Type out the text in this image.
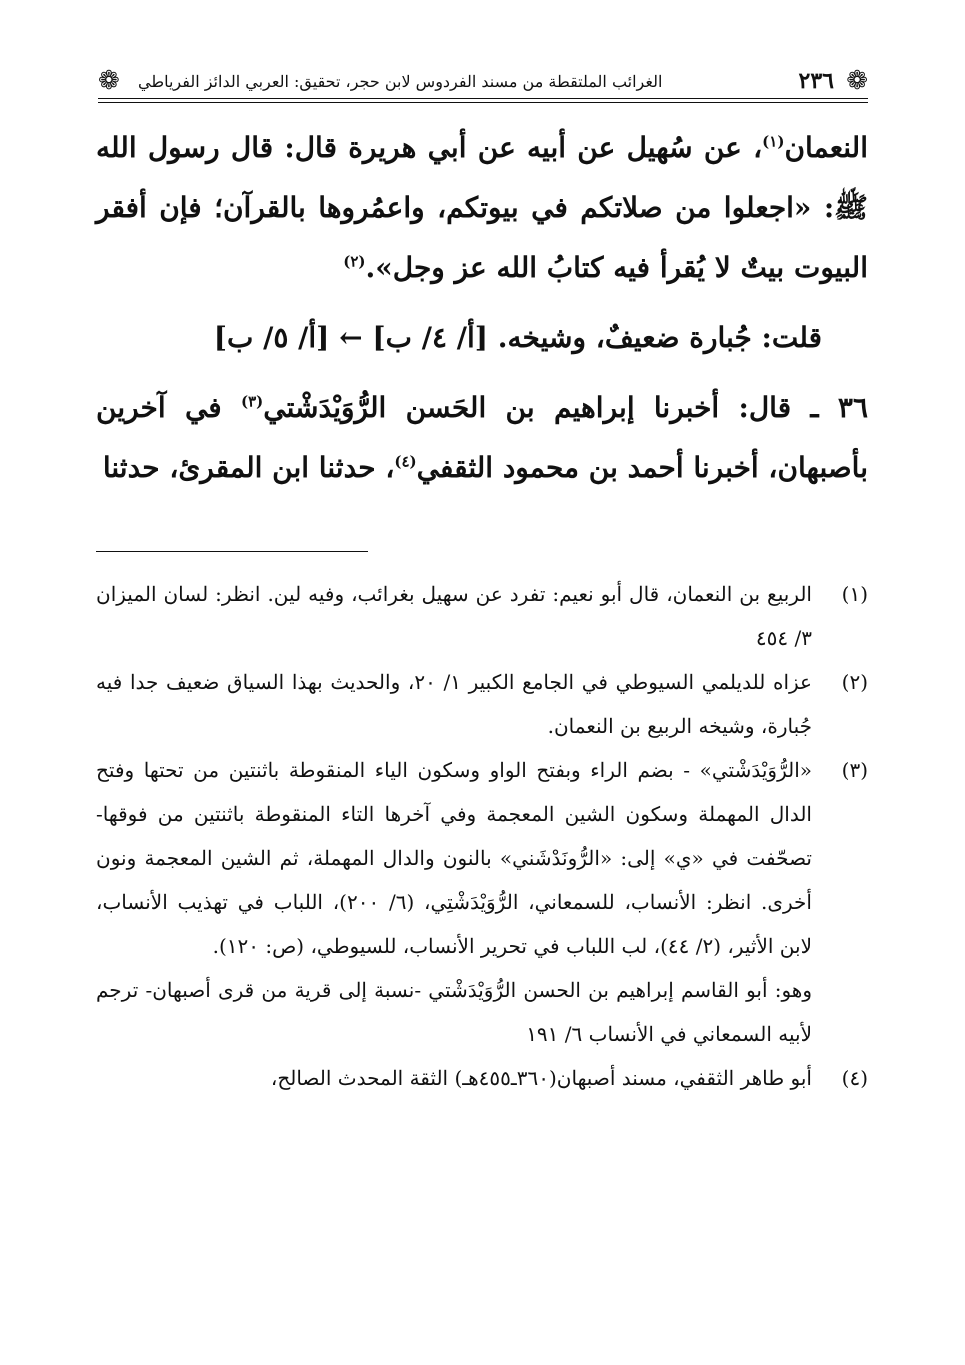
❁
٢٣٦
الغرائب الملتقطة من مسند الفردوس لابن حجر، تحقيق: العربي الدائز الفرياطي
❁

النعمان$^{(١)}$، عن سُهيل عن أبيه عن أبي هريرة قال: قال رسول الله ﷺ: «اجعلوا من صلاتكم في بيوتكم، واعمُروها بالقرآن؛ فإن أفقر البيوت بيتٌ لا يُقرأ فيه كتابُ الله عز وجل».$^{(٢)}$

قلت: جُبارة ضعيفٌ، وشيخه. [أ/ ٤/ ب] ← [أ/ ٥/ ب]

٣٦ ـ قال: أخبرنا إبراهيم بن الحَسن الرُّوَيْدَشْتي$^{(٣)}$ في آخرين بأصبهان، أخبرنا أحمد بن محمود الثقفي$^{(٤)}$، حدثنا ابن المقرئ، حدثنا

(١)

الربيع بن النعمان، قال أبو نعيم: تفرد عن سهيل بغرائب، وفيه لين. انظر: لسان الميزان ٣/ ٤٥٤

(٢)

عزاه للديلمي السيوطي في الجامع الكبير ١/ ٢٠، والحديث بهذا السياق ضعيف جدا فيه جُبارة، وشيخه الربيع بن النعمان.

(٣)

«الرُّوَيْدَشْتي» - بضم الراء وبفتح الواو وسكون الياء المنقوطة باثنتين من تحتها وفتح الدال المهملة وسكون الشين المعجمة وفي آخرها التاء المنقوطة باثنتين من فوقها- تصحّفت في «ي» إلى: «الرُّونَدْشَني» بالنون والدال المهملة، ثم الشين المعجمة ونون أخرى. انظر: الأنساب، للسمعاني، الرُّوَيْدَشْتِي، (٦/ ٢٠٠)، اللباب في تهذيب الأنساب، لابن الأثير، (٢/ ٤٤)، لب اللباب في تحرير الأنساب، للسيوطي، (ص: ١٢٠).

وهو: أبو القاسم إبراهيم بن الحسن الرُّوَيْدَشْتي -نسبة إلى قرية من قرى أصبهان- ترجم لأبيه السمعاني في الأنساب ٦/ ١٩١

(٤)

أبو طاهر الثقفي، مسند أصبهان(٣٦٠ـ٤٥٥هـ) الثقة المحدث الصالح،
